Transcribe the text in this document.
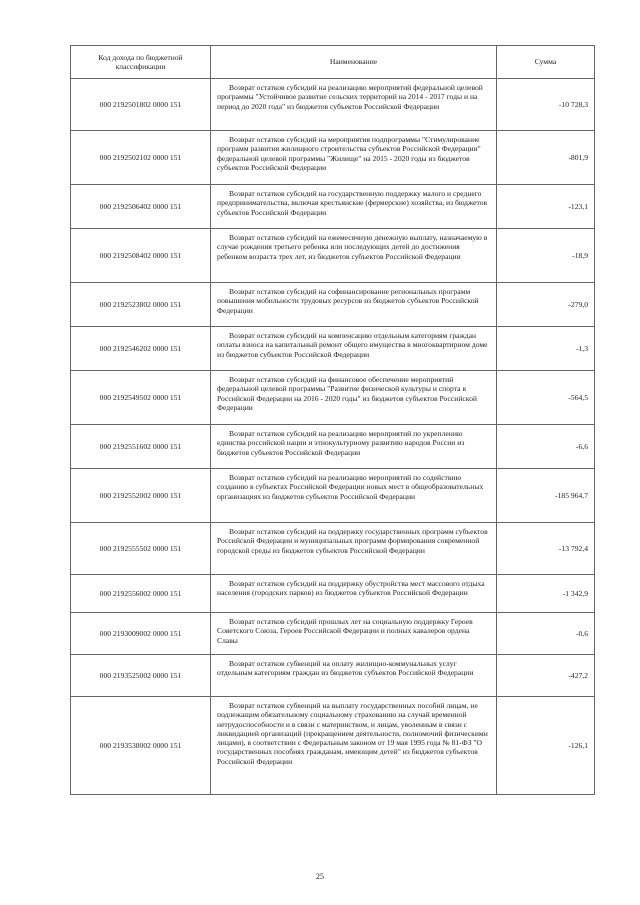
Код дохода по бюджетной классификации	Наименование	Сумма
000 2192501802 0000 151	Возврат остатков субсидий на реализацию мероприятий федеральной целевой программы "Устойчивое развитие сельских территорий на 2014 - 2017 годы и на период до 2020 года" из бюджетов субъектов Российской Федерации	-10 728,3
000 2192502102 0000 151	Возврат остатков субсидий на мероприятия подпрограммы "Стимулирование программ развития жилищного строительства субъектов Российской Федерации" федеральной целевой программы "Жилище" на 2015 - 2020 годы из бюджетов субъектов Российской Федерации	-801,9
000 2192506402 0000 151	Возврат остатков субсидий на государственную поддержку малого и среднего предпринимательства, включая крестьянские (фермерские) хозяйства, из бюджетов субъектов Российской Федерации	-123,1
000 2192508402 0000 151	Возврат остатков субсидий на ежемесячную денежную выплату, назначаемую в случае рождения третьего ребенка или последующих детей до достижения ребенком возраста трех лет, из бюджетов субъектов Российской Федерации	-18,9
000 2192523802 0000 151	Возврат остатков субсидий на софинансирование региональных программ повышения мобильности трудовых ресурсов из бюджетов субъектов Российской Федерации	-279,0
000 2192546202 0000 151	Возврат остатков субсидий на компенсацию отдельным категориям граждан оплаты взноса на капитальный ремонт общего имущества в многоквартирном доме из бюджетов субъектов Российской Федерации	-1,3
000 2192549502 0000 151	Возврат остатков субсидий на финансовое обеспечение мероприятий федеральной целевой программы "Развитие физической культуры и спорта в Российской Федерации на 2016 - 2020 годы" из бюджетов субъектов Российской Федерации	-564,5
000 2192551602 0000 151	Возврат остатков субсидий на реализацию мероприятий по укреплению единства российской нации и этнокультурному развитию народов России из бюджетов субъектов Российской Федерации	-6,6
000 2192552002 0000 151	Возврат остатков субсидий на реализацию мероприятий по содействию созданию в субъектах Российской Федерации новых мест в общеобразовательных организациях из бюджетов субъектов Российской Федерации	-185 964,7
000 2192555502 0000 151	Возврат остатков субсидий на поддержку государственных программ субъектов Российской Федерации и муниципальных программ формирования современной городской среды из бюджетов субъектов Российской Федерации	-13 792,4
000 2192556002 0000 151	Возврат остатков субсидий на поддержку обустройства мест массового отдыха населения (городских парков) из бюджетов субъектов Российской Федерации	-1 342,9
000 2193009002 0000 151	Возврат остатков субсидий прошлых лет на социальную поддержку Героев Советского Союза, Героев Российской Федерации и полных кавалеров ордена Славы	-0,6
000 2193525002 0000 151	Возврат остатков субвенций на оплату жилищно-коммунальных услуг отдельным категориям граждан из бюджетов субъектов Российской Федерации	-427,2
000 2193538002 0000 151	Возврат остатков субвенций на выплату государственных пособий лицам, не подлежащим обязательному социальному страхованию на случай временной нетрудоспособности и в связи с материнством, и лицам, уволенным в связи с ликвидацией организаций (прекращением деятельности, полномочий физическими лицами), в соответствии с Федеральным законом от 19 мая 1995 года № 81-ФЗ "О государственных пособиях гражданам, имеющим детей" из бюджетов субъектов Российской Федерации	-126,1
25
